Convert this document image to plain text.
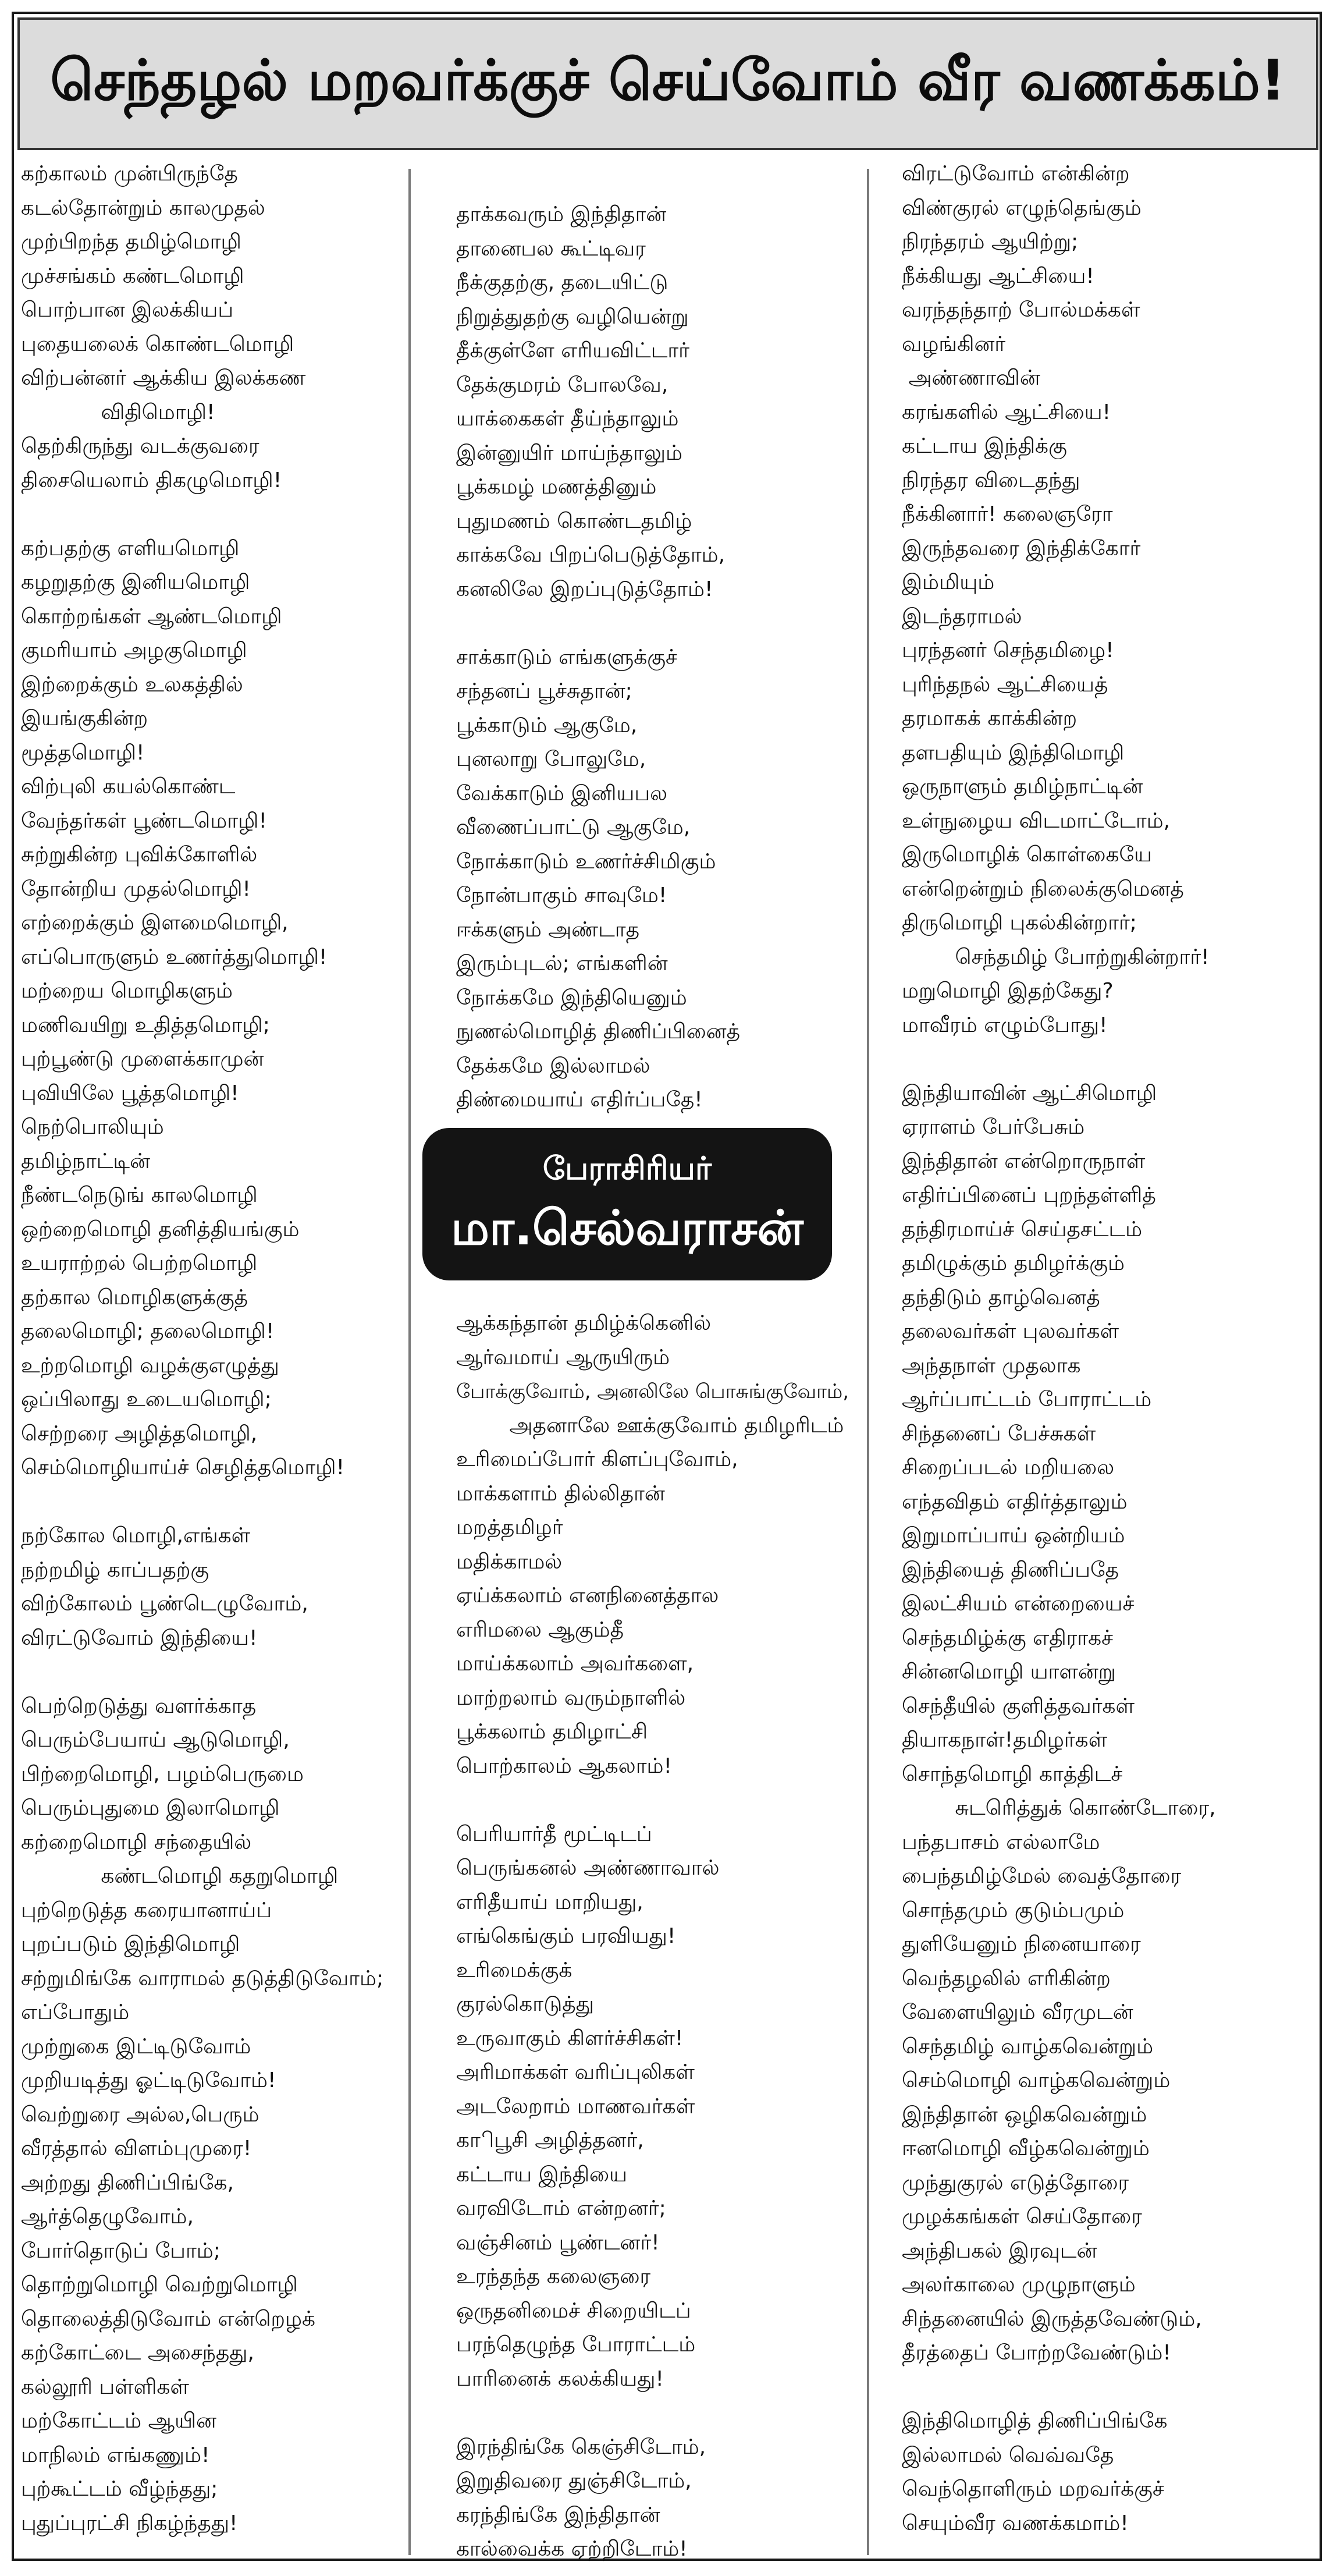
செந்தழல் மறவர்க்குச் செய்வோம் வீர வணக்கம்!
கற்காலம் முன்பிருந்தே
கடல்தோன்றும் காலமுதல்
முற்பிறந்த தமிழ்மொழி
முச்சங்கம் கண்டமொழி
பொற்பான இலக்கியப்
புதையலைக் கொண்டமொழி
விற்பன்னர் ஆக்கிய இலக்கண
விதிமொழி!
தெற்கிருந்து வடக்குவரை
திசையெலாம் திகழுமொழி!
கற்பதற்கு எளியமொழி
கழறுதற்கு இனியமொழி
கொற்றங்கள் ஆண்டமொழி
குமரியாம் அழகுமொழி
இற்றைக்கும் உலகத்தில்
இயங்குகின்ற
மூத்தமொழி!
விற்புலி கயல்கொண்ட
வேந்தர்கள் பூண்டமொழி!
சுற்றுகின்ற புவிக்கோளில்
தோன்றிய முதல்மொழி!
எற்றைக்கும் இளமைமொழி,
எப்பொருளும் உணர்த்துமொழி!
மற்றைய மொழிகளும்
மணிவயிறு உதித்தமொழி;
புற்பூண்டு முளைக்காமுன்
புவியிலே பூத்தமொழி!
நெற்பொலியும்
தமிழ்நாட்டின்
நீண்டநெடுங் காலமொழி
ஒற்றைமொழி தனித்தியங்கும்
உயராற்றல் பெற்றமொழி
தற்கால மொழிகளுக்குத்
தலைமொழி; தலைமொழி!
உற்றமொழி வழக்குஎழுத்து
ஒப்பிலாது உடையமொழி;
செற்றரை அழித்தமொழி,
செம்மொழியாய்ச் செழித்தமொழி!
நற்கோல மொழி,எங்கள்
நற்றமிழ் காப்பதற்கு
விற்கோலம் பூண்டெழுவோம்,
விரட்டுவோம் இந்தியை!
பெற்றெடுத்து வளர்க்காத
பெரும்பேயாய் ஆடுமொழி,
பிற்றைமொழி, பழம்பெருமை
பெரும்புதுமை இலாமொழி
கற்றைமொழி சந்தையில்
கண்டமொழி கதறுமொழி
புற்றெடுத்த கரையானாய்ப்
புறப்படும் இந்திமொழி
சற்றுமிங்கே வாராமல் தடுத்திடுவோம்;
எப்போதும்
முற்றுகை இட்டிடுவோம்
முறியடித்து ஓட்டிடுவோம்!
வெற்றுரை அல்ல,பெரும்
வீரத்தால் விளம்புமுரை!
அற்றது திணிப்பிங்கே,
ஆர்த்தெழுவோம்,
போர்தொடுப் போம்;
தொற்றுமொழி வெற்றுமொழி
தொலைத்திடுவோம் என்றெழக்
கற்கோட்டை அசைந்தது,
கல்லூரி பள்ளிகள்
மற்கோட்டம் ஆயின
மாநிலம் எங்கணும்!
புற்கூட்டம் வீழ்ந்தது;
புதுப்புரட்சி நிகழ்ந்தது!
தாக்கவரும் இந்திதான்
தானைபல கூட்டிவர
நீக்குதற்கு, தடையிட்டு
நிறுத்துதற்கு வழியென்று
தீக்குள்ளே எரியவிட்டார்
தேக்குமரம் போலவே,
யாக்கைகள் தீய்ந்தாலும்
இன்னுயிர் மாய்ந்தாலும்
பூக்கமழ் மணத்தினும்
புதுமணம் கொண்டதமிழ்
காக்கவே பிறப்பெடுத்தோம்,
கனலிலே இறப்புடுத்தோம்!
சாக்காடும் எங்களுக்குச்
சந்தனப் பூச்சுதான்;
பூக்காடும் ஆகுமே,
புனலாறு போலுமே,
வேக்காடும் இனியபல
வீணைப்பாட்டு ஆகுமே,
நோக்காடும் உணர்ச்சிமிகும்
நோன்பாகும் சாவுமே!
ஈக்களும் அண்டாத
இரும்புடல்; எங்களின்
நோக்கமே இந்தியெனும்
நுணல்மொழித் திணிப்பினைத்
தேக்கமே இல்லாமல்
திண்மையாய் எதிர்ப்பதே!
ஆக்கந்தான் தமிழ்க்கெனில்
ஆர்வமாய் ஆருயிரும்
போக்குவோம், அனலிலே பொசுங்குவோம்,
அதனாலே ஊக்குவோம் தமிழரிடம்
உரிமைப்போர் கிளப்புவோம்,
மாக்களாம் தில்லிதான்
மறத்தமிழர்
மதிக்காமல்
ஏய்க்கலாம் எனநினைத்தால
எரிமலை ஆகும்தீ
மாய்க்கலாம் அவர்களை,
மாற்றலாம் வரும்நாளில்
பூக்கலாம் தமிழாட்சி
பொற்காலம் ஆகலாம்!
பெரியார்தீ மூட்டிடப்
பெருங்கனல் அண்ணாவால்
எரிதீயாய் மாறியது,
எங்கெங்கும் பரவியது!
உரிமைக்குக்
குரல்கொடுத்து
உருவாகும் கிளர்ச்சிகள்!
அரிமாக்கள் வரிப்புலிகள்
அடலேறாம் மாணவர்கள்
காிபூசி அழித்தனர்,
கட்டாய இந்தியை
வரவிடோம் என்றனர்;
வஞ்சினம் பூண்டனர்!
உரந்தந்த கலைஞரை
ஒருதனிமைச் சிறையிடப்
பரந்தெழுந்த போராட்டம்
பாரினைக் கலக்கியது!
இரந்திங்கே கெஞ்சிடோம்,
இறுதிவரை துஞ்சிடோம்,
கரந்திங்கே இந்திதான்
கால்வைக்க ஏற்றிடோம்!
விரட்டுவோம் என்கின்ற
விண்குரல் எழுந்தெங்கும்
நிரந்தரம் ஆயிற்று;
நீக்கியது ஆட்சியை!
வரந்தந்தாற் போல்மக்கள்
வழங்கினர்
அண்ணாவின்
கரங்களில் ஆட்சியை!
கட்டாய இந்திக்கு
நிரந்தர விடைதந்து
நீக்கினார்! கலைஞரோ
இருந்தவரை இந்திக்கோர்
இம்மியும்
இடந்தராமல்
புரந்தனர் செந்தமிழை!
புரிந்தநல் ஆட்சியைத்
தரமாகக் காக்கின்ற
தளபதியும் இந்திமொழி
ஒருநாளும் தமிழ்நாட்டின்
உள்நுழைய விடமாட்டோம்,
இருமொழிக் கொள்கையே
என்றென்றும் நிலைக்குமெனத்
திருமொழி புகல்கின்றார்;
செந்தமிழ் போற்றுகின்றார்!
மறுமொழி இதற்கேது?
மாவீரம் எழும்போது!
இந்தியாவின் ஆட்சிமொழி
ஏராளம் பேர்பேசும்
இந்திதான் என்றொருநாள்
எதிர்ப்பினைப் புறந்தள்ளித்
தந்திரமாய்ச் செய்தசட்டம்
தமிழுக்கும் தமிழர்க்கும்
தந்திடும் தாழ்வெனத்
தலைவர்கள் புலவர்கள்
அந்தநாள் முதலாக
ஆர்ப்பாட்டம் போராட்டம்
சிந்தனைப் பேச்சுகள்
சிறைப்படல் மறியலை
எந்தவிதம் எதிர்த்தாலும்
இறுமாப்பாய் ஒன்றியம்
இந்தியைத் திணிப்பதே
இலட்சியம் என்றையைச்
செந்தமிழ்க்கு எதிராகச்
சின்னமொழி யாளன்று
செந்தீயில் குளித்தவர்கள்
தியாகநாள்!தமிழர்கள்
சொந்தமொழி காத்திடச்
சுடரெித்துக் கொண்டோரை,
பந்தபாசம் எல்லாமே
பைந்தமிழ்மேல் வைத்தோரை
சொந்தமும் குடும்பமும்
துளியேனும் நினையாரை
வெந்தழலில் எரிகின்ற
வேளையிலும் வீரமுடன்
செந்தமிழ் வாழ்கவென்றும்
செம்மொழி வாழ்கவென்றும்
இந்திதான் ஒழிகவென்றும்
ஈனமொழி வீழ்கவென்றும்
முந்துகுரல் எடுத்தோரை
முழக்கங்கள் செய்தோரை
அந்திபகல் இரவுடன்
அலர்காலை முழுநாளும்
சிந்தனையில் இருத்தவேண்டும்,
தீரத்தைப் போற்றவேண்டும்!
இந்திமொழித் திணிப்பிங்கே
இல்லாமல் வெவ்வதே
வெந்தொளிரும் மறவர்க்குச்
செயும்வீர வணக்கமாம்!
பேராசிரியர்
மா.செல்வராசன்
